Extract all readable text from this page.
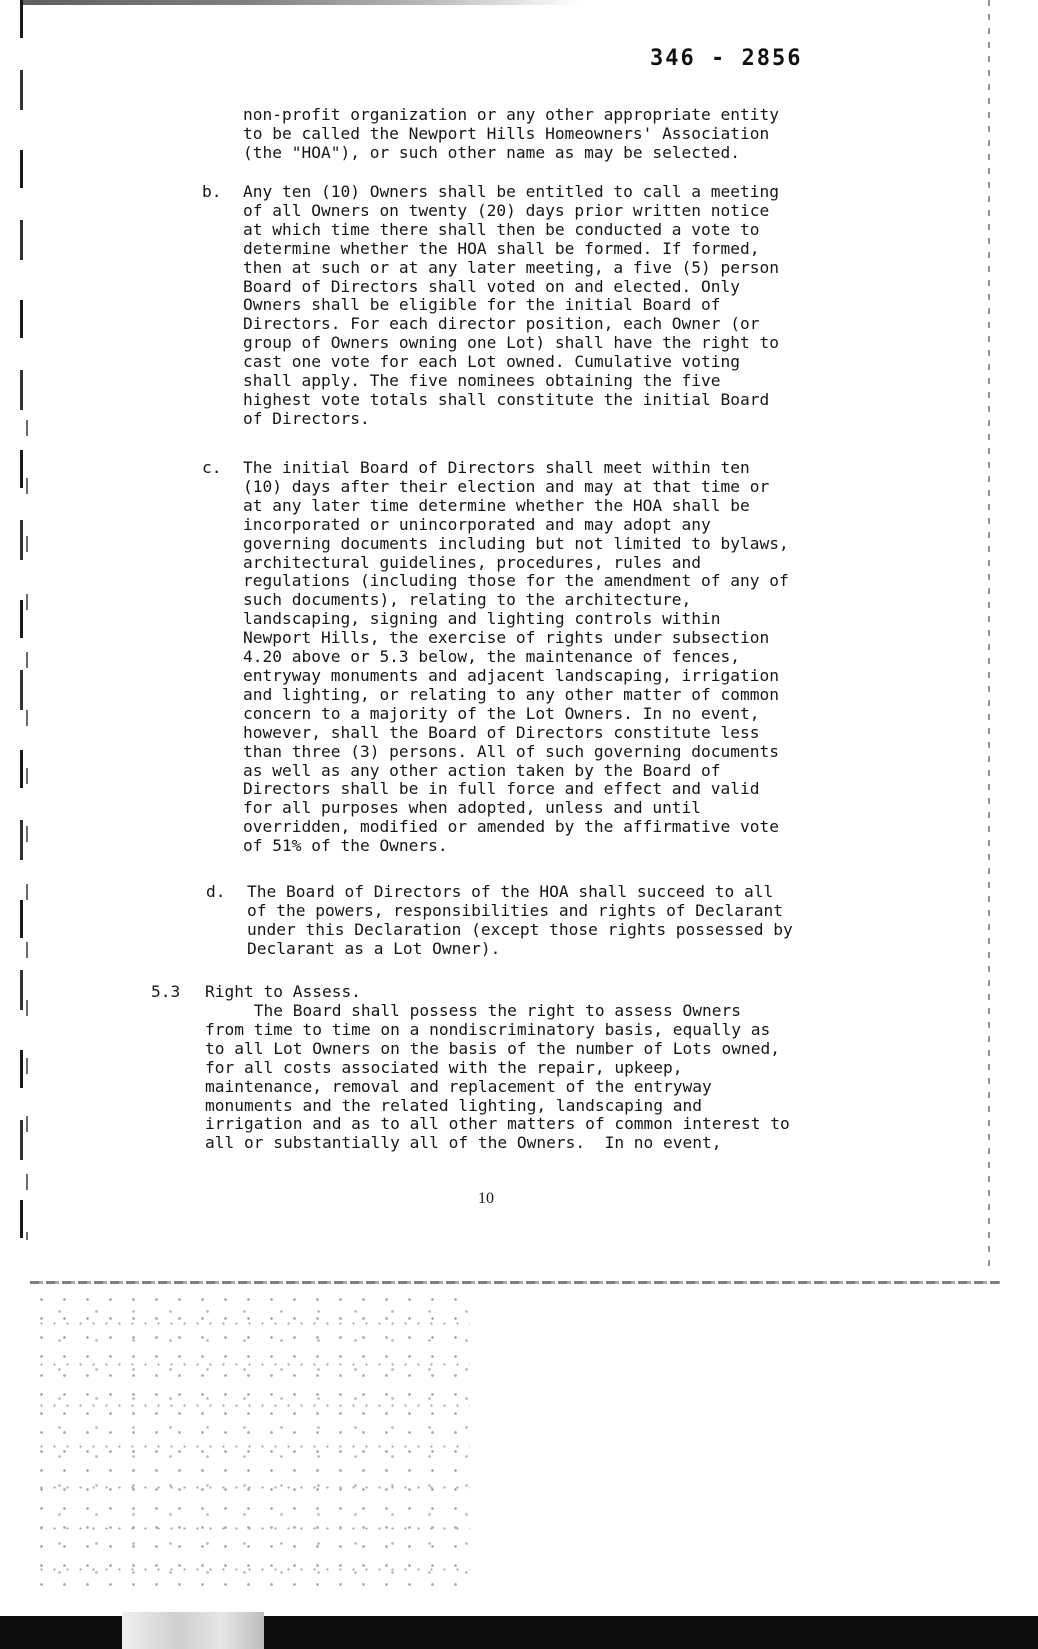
346 - 2856
non-profit organization or any other appropriate entity
to be called the Newport Hills Homeowners' Association
(the "HOA"), or such other name as may be selected.
b. Any ten (10) Owners shall be entitled to call a meeting
of all Owners on twenty (20) days prior written notice
at which time there shall then be conducted a vote to
determine whether the HOA shall be formed. If formed,
then at such or at any later meeting, a five (5) person
Board of Directors shall voted on and elected. Only
Owners shall be eligible for the initial Board of
Directors. For each director position, each Owner (or
group of Owners owning one Lot) shall have the right to
cast one vote for each Lot owned. Cumulative voting
shall apply. The five nominees obtaining the five
highest vote totals shall constitute the initial Board
of Directors.
c. The initial Board of Directors shall meet within ten
(10) days after their election and may at that time or
at any later time determine whether the HOA shall be
incorporated or unincorporated and may adopt any
governing documents including but not limited to bylaws,
architectural guidelines, procedures, rules and
regulations (including those for the amendment of any of
such documents), relating to the architecture,
landscaping, signing and lighting controls within
Newport Hills, the exercise of rights under subsection
4.20 above or 5.3 below, the maintenance of fences,
entryway monuments and adjacent landscaping, irrigation
and lighting, or relating to any other matter of common
concern to a majority of the Lot Owners. In no event,
however, shall the Board of Directors constitute less
than three (3) persons. All of such governing documents
as well as any other action taken by the Board of
Directors shall be in full force and effect and valid
for all purposes when adopted, unless and until
overridden, modified or amended by the affirmative vote
of 51% of the Owners.
d. The Board of Directors of the HOA shall succeed to all
of the powers, responsibilities and rights of Declarant
under this Declaration (except those rights possessed by
Declarant as a Lot Owner).
5.3 Right to Assess.
The Board shall possess the right to assess Owners
from time to time on a nondiscriminatory basis, equally as
to all Lot Owners on the basis of the number of Lots owned,
for all costs associated with the repair, upkeep,
maintenance, removal and replacement of the entryway
monuments and the related lighting, landscaping and
irrigation and as to all other matters of common interest to
all or substantially all of the Owners.  In no event,
10
